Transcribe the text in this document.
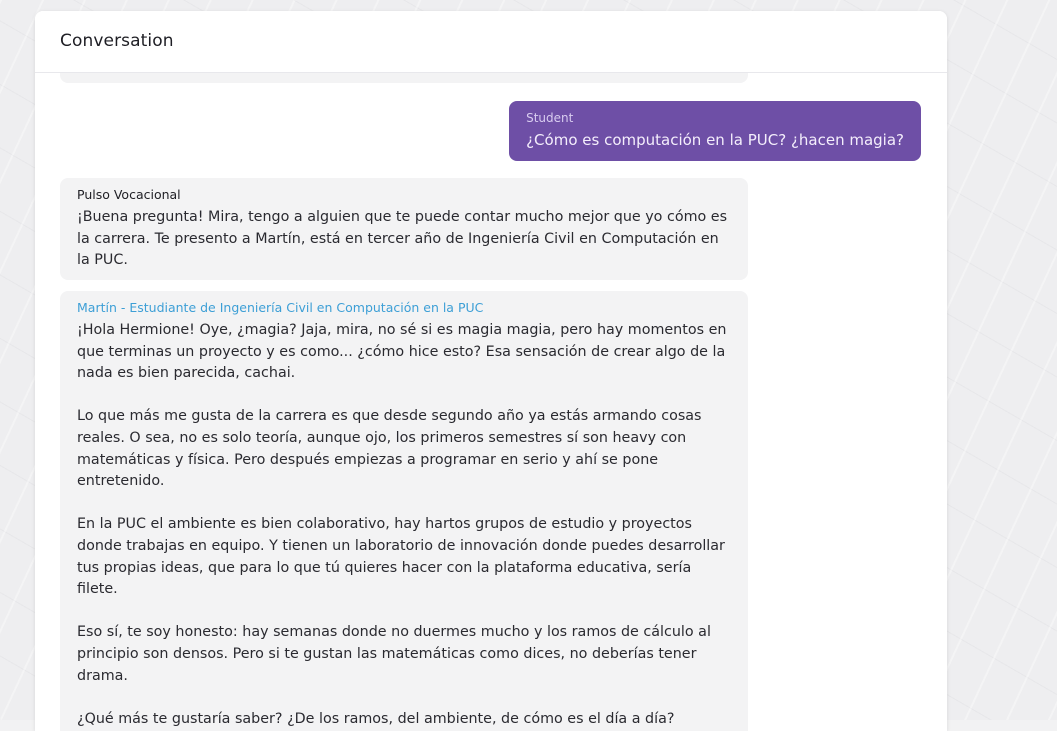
Conversation
Student
¿Cómo es computación en la PUC? ¿hacen magia?
Pulso Vocacional

¡Buena pregunta! Mira, tengo a alguien que te puede contar mucho mejor que yo cómo es la carrera. Te presento a Martín, está en tercer año de Ingeniería Civil en Computación en la PUC.

Martín - Estudiante de Ingeniería Civil en Computación en la PUC

¡Hola Hermione! Oye, ¿magia? Jaja, mira, no sé si es magia magia, pero hay momentos en que terminas un proyecto y es como... ¿cómo hice esto? Esa sensación de crear algo de la nada es bien parecida, cachai.

Lo que más me gusta de la carrera es que desde segundo año ya estás armando cosas reales. O sea, no es solo teoría, aunque ojo, los primeros semestres sí son heavy con matemáticas y física. Pero después empiezas a programar en serio y ahí se pone entretenido.

En la PUC el ambiente es bien colaborativo, hay hartos grupos de estudio y proyectos donde trabajas en equipo. Y tienen un laboratorio de innovación donde puedes desarrollar tus propias ideas, que para lo que tú quieres hacer con la plataforma educativa, sería filete.

Eso sí, te soy honesto: hay semanas donde no duermes mucho y los ramos de cálculo al principio son densos. Pero si te gustan las matemáticas como dices, no deberías tener drama.

¿Qué más te gustaría saber? ¿De los ramos, del ambiente, de cómo es el día a día?
